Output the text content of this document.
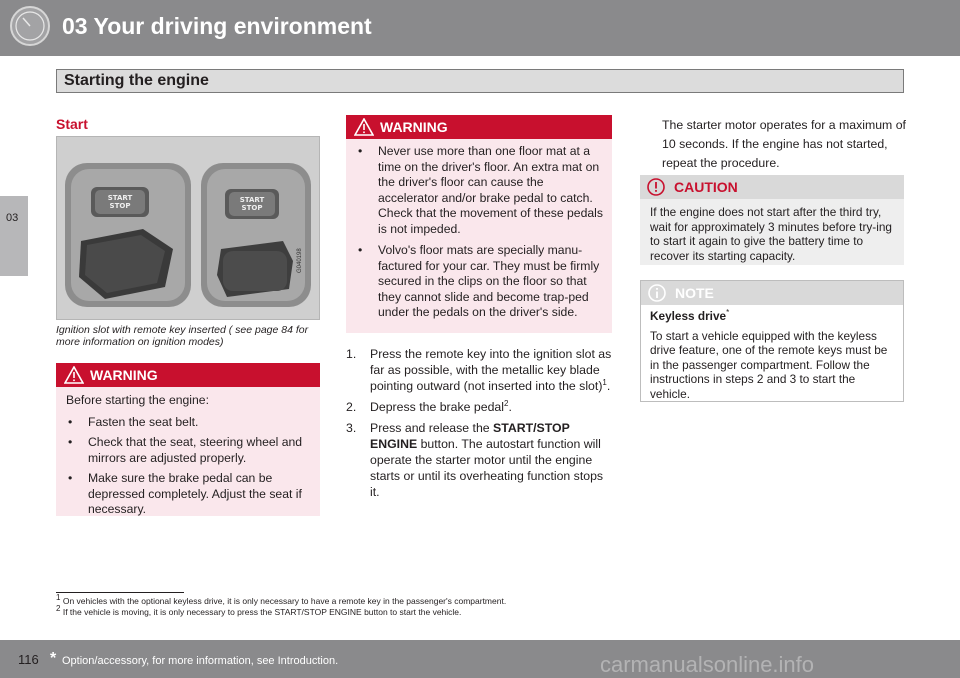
03 Your driving environment
Starting the engine
03
Start
START
STOP
START
STOP
G040198
Ignition slot with remote key inserted ( see page 84 for more information on ignition modes)
WARNING
Before starting the engine:
• Fasten the seat belt.
• Check that the seat, steering wheel and mirrors are adjusted properly.
• Make sure the brake pedal can be depressed completely. Adjust the seat if necessary.
WARNING
• Never use more than one floor mat at a time on the driver's floor. An extra mat on the driver's floor can cause the accelerator and/or brake pedal to catch. Check that the movement of these pedals is not impeded.
• Volvo's floor mats are specially manu-factured for your car. They must be firmly secured in the clips on the floor so that they cannot slide and become trap-ped under the pedals on the driver's side.
1. Press the remote key into the ignition slot as far as possible, with the metallic key blade pointing outward (not inserted into the slot)$^1$.
2. Depress the brake pedal$^2$.
3. Press and release the START/STOP ENGINE button. The autostart function will operate the starter motor until the engine starts or until its overheating function stops it.
The starter motor operates for a maximum of 10 seconds. If the engine has not started, repeat the procedure.
CAUTION
If the engine does not start after the third try, wait for approximately 3 minutes before try-ing to start it again to give the battery time to recover its starting capacity.
NOTE
Keyless drive*
To start a vehicle equipped with the keyless drive feature, one of the remote keys must be in the passenger compartment. Follow the instructions in steps 2 and 3 to start the vehicle.
$^1$ On vehicles with the optional keyless drive, it is only necessary to have a remote key in the passenger's compartment.
$^2$ If the vehicle is moving, it is only necessary to press the START/STOP ENGINE button to start the vehicle.
116 * Option/accessory, for more information, see Introduction.	carmanualsonline.info
